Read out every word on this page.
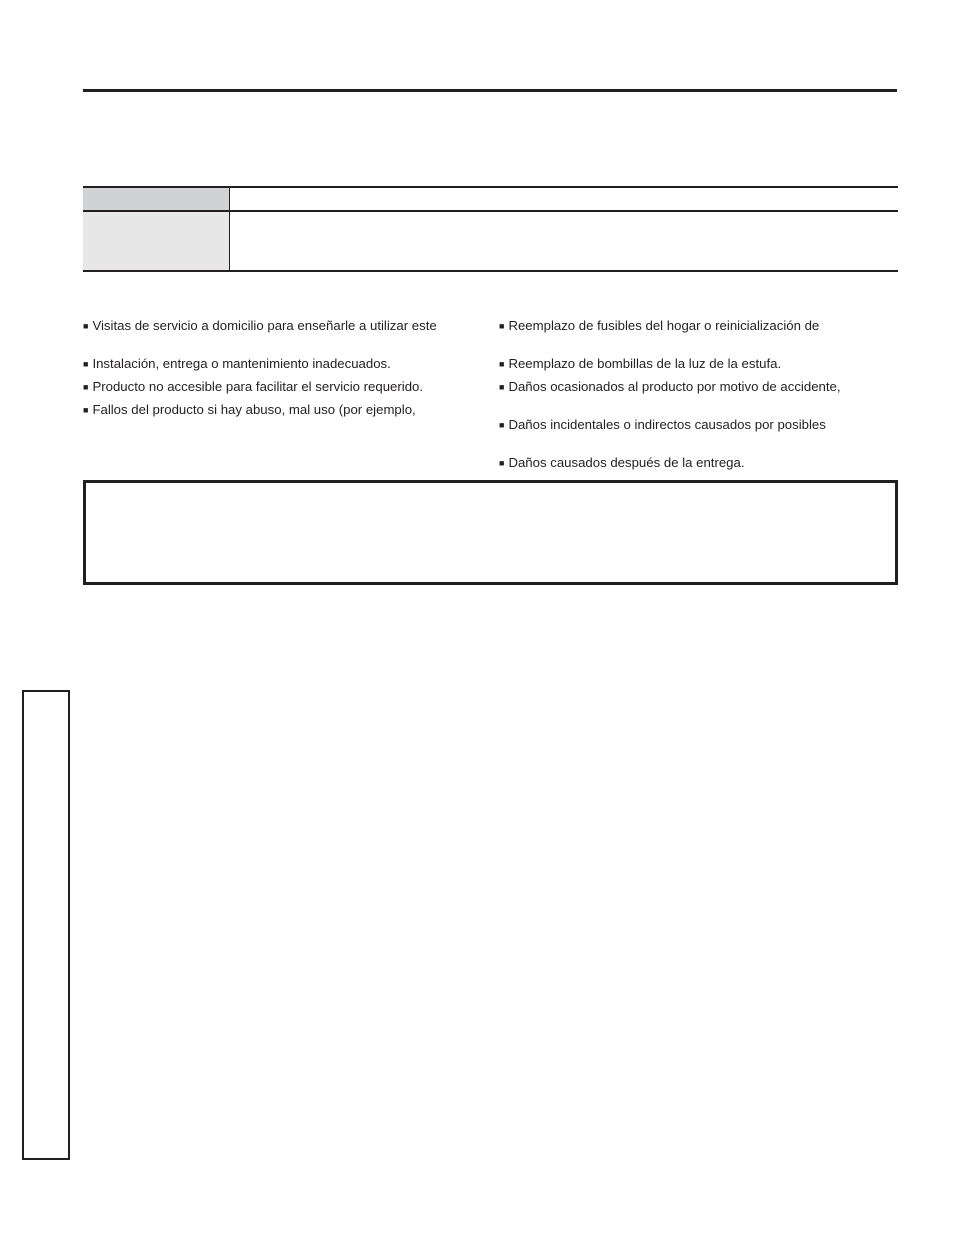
■ Visitas de servicio a domicilio para enseñarle a utilizar este
■ Instalación, entrega o mantenimiento inadecuados.
■ Producto no accesible para facilitar el servicio requerido.
■ Fallos del producto si hay abuso, mal uso (por ejemplo,
■ Reemplazo de fusibles del hogar o reinicialización de
■ Reemplazo de bombillas de la luz de la estufa.
■ Daños ocasionados al producto por motivo de accidente,
■ Daños incidentales o indirectos causados por posibles
■ Daños causados después de la entrega.
